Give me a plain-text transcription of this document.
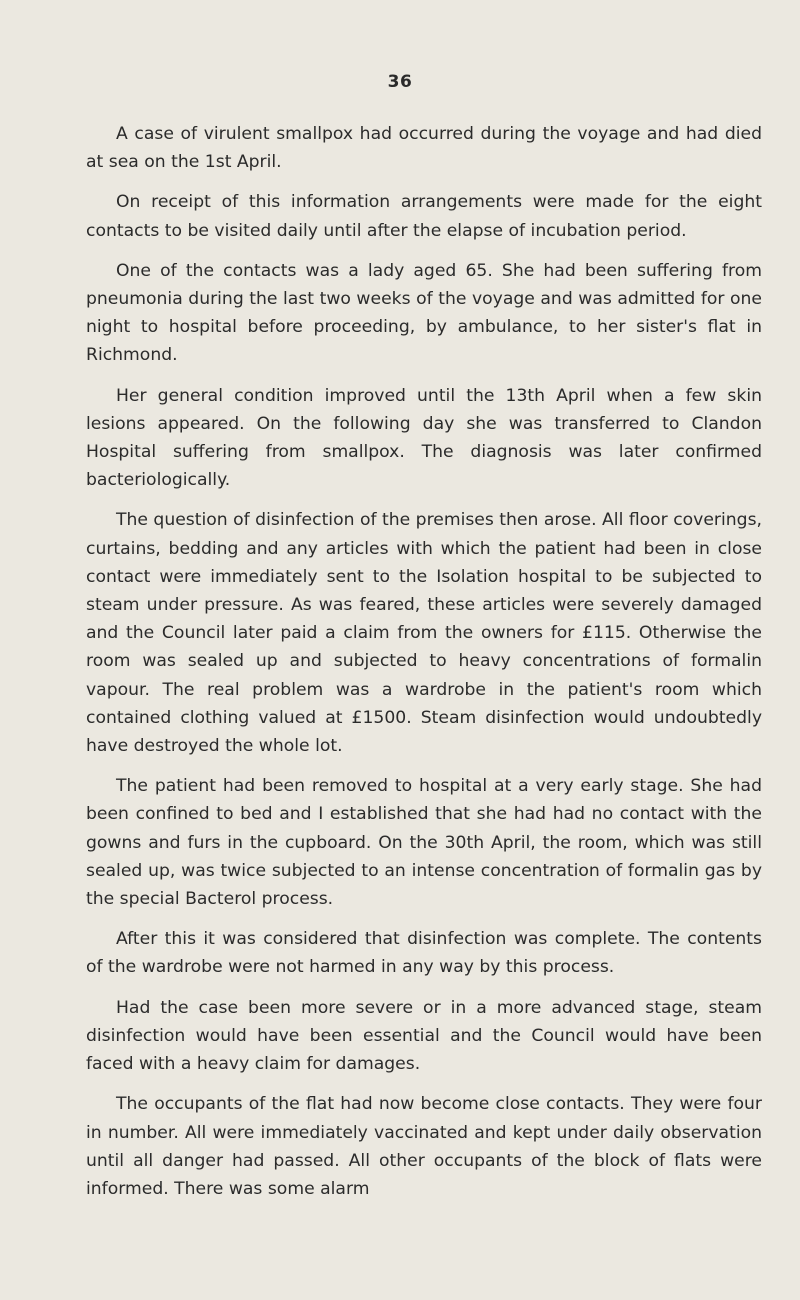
36

A case of virulent smallpox had occurred during the voyage and had died at sea on the 1st April.

On receipt of this information arrangements were made for the eight contacts to be visited daily until after the elapse of incubation period.

One of the contacts was a lady aged 65. She had been suffering from pneumonia during the last two weeks of the voyage and was admitted for one night to hospital before proceeding, by ambulance, to her sister's flat in Richmond.

Her general condition improved until the 13th April when a few skin lesions appeared. On the following day she was transferred to Clandon Hospital suffering from smallpox. The diagnosis was later confirmed bacteriologically.

The question of disinfection of the premises then arose. All floor coverings, curtains, bedding and any articles with which the patient had been in close contact were immediately sent to the Isolation hospital to be subjected to steam under pressure. As was feared, these articles were severely damaged and the Council later paid a claim from the owners for £115. Otherwise the room was sealed up and subjected to heavy concentrations of formalin vapour. The real problem was a wardrobe in the patient's room which contained clothing valued at £1500. Steam disinfection would undoubtedly have destroyed the whole lot.

The patient had been removed to hospital at a very early stage. She had been confined to bed and I established that she had had no contact with the gowns and furs in the cupboard. On the 30th April, the room, which was still sealed up, was twice subjected to an intense concentration of formalin gas by the special Bacterol process.

After this it was considered that disinfection was complete. The contents of the wardrobe were not harmed in any way by this process.

Had the case been more severe or in a more advanced stage, steam disinfection would have been essential and the Council would have been faced with a heavy claim for damages.

The occupants of the flat had now become close contacts. They were four in number. All were immediately vaccinated and kept under daily observation until all danger had passed. All other occupants of the block of flats were informed. There was some alarm
